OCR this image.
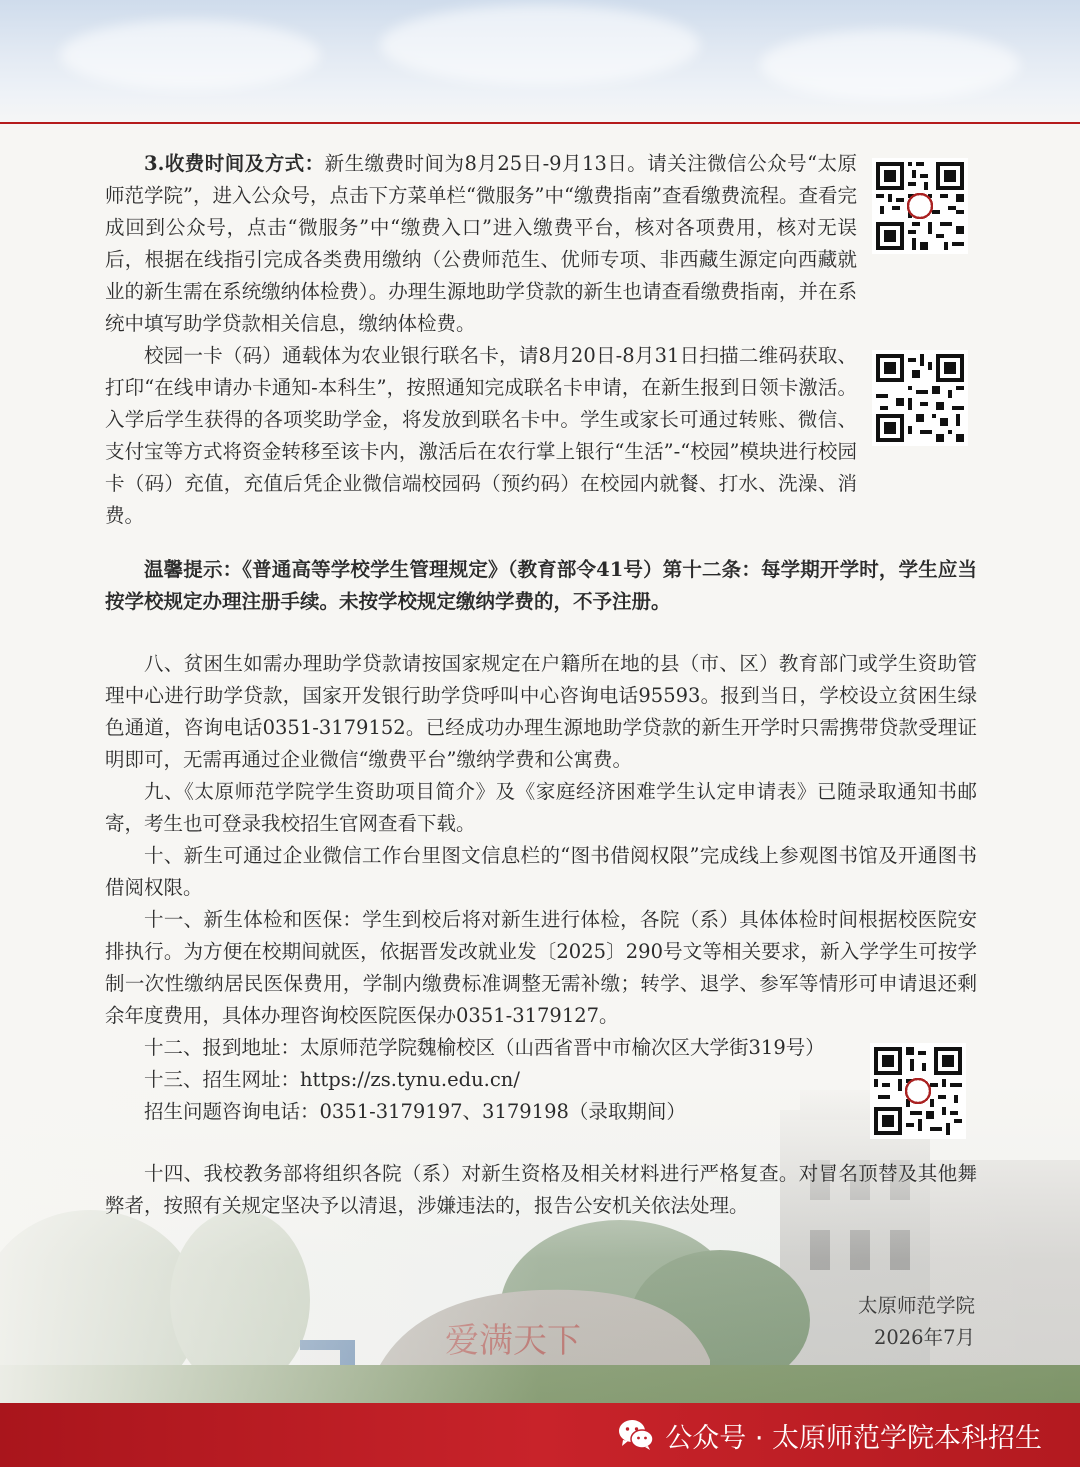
3.收费时间及方式：新生缴费时间为8月25日-9月13日。请关注微信公众号“太原师范学院”，进入公众号，点击下方菜单栏“微服务”中“缴费指南”查看缴费流程。查看完成回到公众号，点击“微服务”中“缴费入口”进入缴费平台，核对各项费用，核对无误后，根据在线指引完成各类费用缴纳（公费师范生、优师专项、非西藏生源定向西藏就业的新生需在系统缴纳体检费）。办理生源地助学贷款的新生也请查看缴费指南，并在系统中填写助学贷款相关信息，缴纳体检费。

校园一卡（码）通载体为农业银行联名卡，请8月20日-8月31日扫描二维码获取、打印“在线申请办卡通知-本科生”，按照通知完成联名卡申请，在新生报到日领卡激活。入学后学生获得的各项奖助学金，将发放到联名卡中。学生或家长可通过转账、微信、支付宝等方式将资金转移至该卡内，激活后在农行掌上银行“生活”-“校园”模块进行校园卡（码）充值，充值后凭企业微信端校园码（预约码）在校园内就餐、打水、洗澡、消费。

温馨提示：《普通高等学校学生管理规定》（教育部令41号）第十二条：每学期开学时，学生应当按学校规定办理注册手续。未按学校规定缴纳学费的，不予注册。

八、贫困生如需办理助学贷款请按国家规定在户籍所在地的县（市、区）教育部门或学生资助管理中心进行助学贷款，国家开发银行助学贷呼叫中心咨询电话95593。报到当日，学校设立贫困生绿色通道，咨询电话0351-3179152。已经成功办理生源地助学贷款的新生开学时只需携带贷款受理证明即可，无需再通过企业微信“缴费平台”缴纳学费和公寓费。

九、《太原师范学院学生资助项目简介》及《家庭经济困难学生认定申请表》已随录取通知书邮寄，考生也可登录我校招生官网查看下载。

十、新生可通过企业微信工作台里图文信息栏的“图书借阅权限”完成线上参观图书馆及开通图书借阅权限。

十一、新生体检和医保：学生到校后将对新生进行体检，各院（系）具体体检时间根据校医院安排执行。为方便在校期间就医，依据晋发改就业发〔2025〕290号文等相关要求，新入学学生可按学制一次性缴纳居民医保费用，学制内缴费标准调整无需补缴；转学、退学、参军等情形可申请退还剩余年度费用，具体办理咨询校医院医保办0351-3179127。

十二、报到地址：太原师范学院魏榆校区（山西省晋中市榆次区大学街319号）

十三、招生网址：https://zs.tynu.edu.cn/

招生问题咨询电话：0351-3179197、3179198（录取期间）

十四、我校教务部将组织各院（系）对新生资格及相关材料进行严格复查。对冒名顶替及其他舞弊者，按照有关规定坚决予以清退，涉嫌违法的，报告公安机关依法处理。

太原师范学院
2026年7月
公众号 · 太原师范学院本科招生
